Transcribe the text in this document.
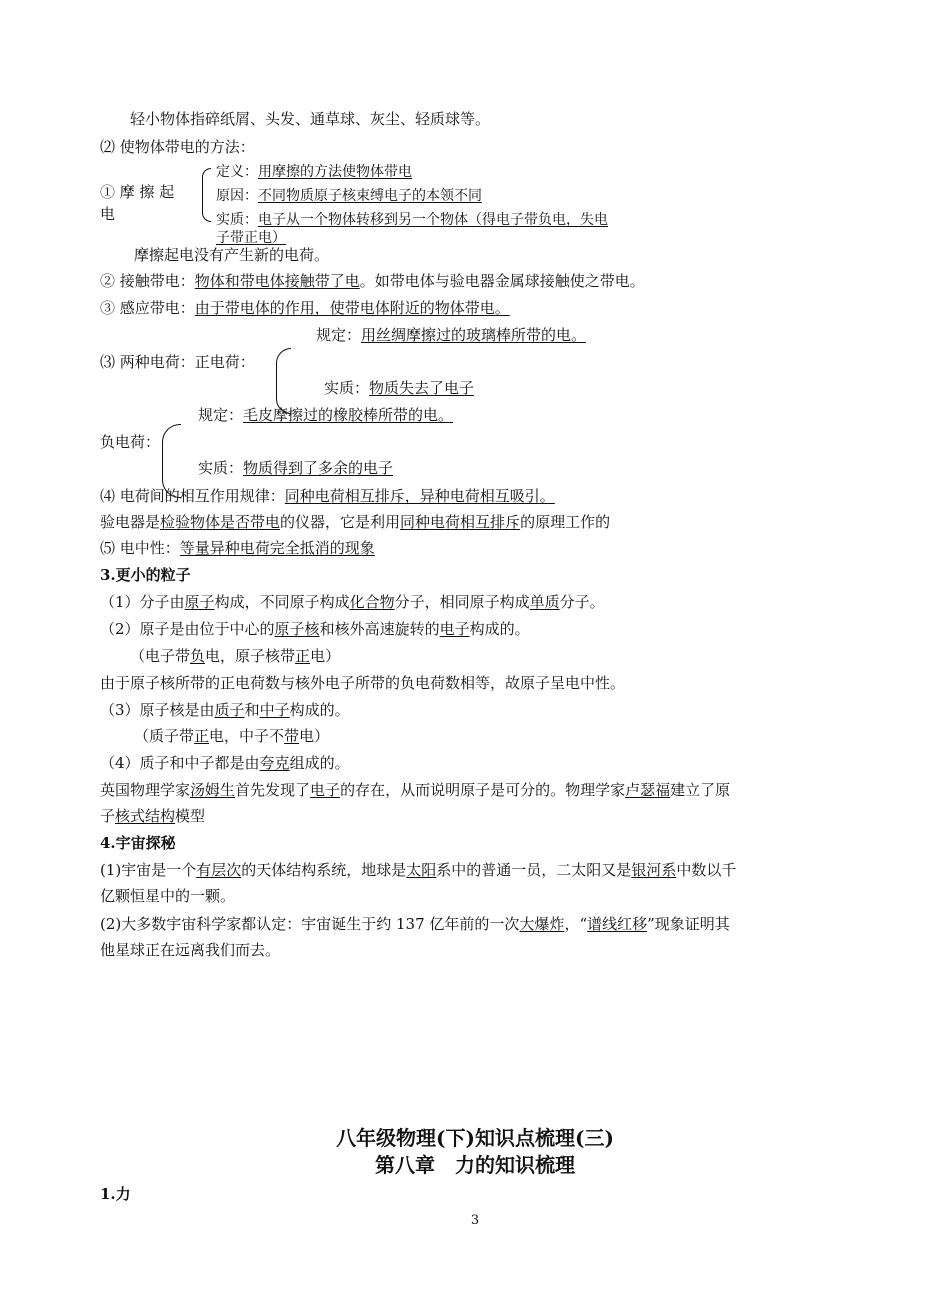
轻小物体指碎纸屑、头发、通草球、灰尘、轻质球等。
⑵ 使物体带电的方法：
① 摩 擦 起
电
定义：用摩擦的方法使物体带电
原因：不同物质原子核束缚电子的本领不同
实质：电子从一个物体转移到另一个物体（得电子带负电，失电
子带正电）
摩擦起电没有产生新的电荷。
② 接触带电：物体和带电体接触带了电。如带电体与验电器金属球接触使之带电。
③ 感应带电：由于带电体的作用，使带电体附近的物体带电。
规定：用丝绸摩擦过的玻璃棒所带的电。
⑶ 两种电荷：正电荷：
实质：物质失去了电子
规定：毛皮摩擦过的橡胶棒所带的电。
负电荷：
实质：物质得到了多余的电子
⑷ 电荷间的相互作用规律：同种电荷相互排斥，异种电荷相互吸引。
验电器是检验物体是否带电的仪器，它是利用同种电荷相互排斥的原理工作的
⑸ 电中性：等量异种电荷完全抵消的现象
3.更小的粒子
（1）分子由原子构成，不同原子构成化合物分子，相同原子构成单质分子。
（2）原子是由位于中心的原子核和核外高速旋转的电子构成的。
（电子带负电，原子核带正电）
由于原子核所带的正电荷数与核外电子所带的负电荷数相等，故原子呈电中性。
（3）原子核是由质子和中子构成的。
（质子带正电，中子不带电）
（4）质子和中子都是由夸克组成的。
英国物理学家汤姆生首先发现了电子的存在，从而说明原子是可分的。物理学家卢瑟福建立了原
子核式结构模型
4.宇宙探秘
(1)宇宙是一个有层次的天体结构系统，地球是太阳系中的普通一员，二太阳又是银河系中数以千
亿颗恒星中的一颗。
(2)大多数宇宙科学家都认定：宇宙诞生于约 137 亿年前的一次大爆炸，“谱线红移”现象证明其
他星球正在远离我们而去。
八年级物理(下)知识点梳理(三)
第八章　力的知识梳理
1.力
3
